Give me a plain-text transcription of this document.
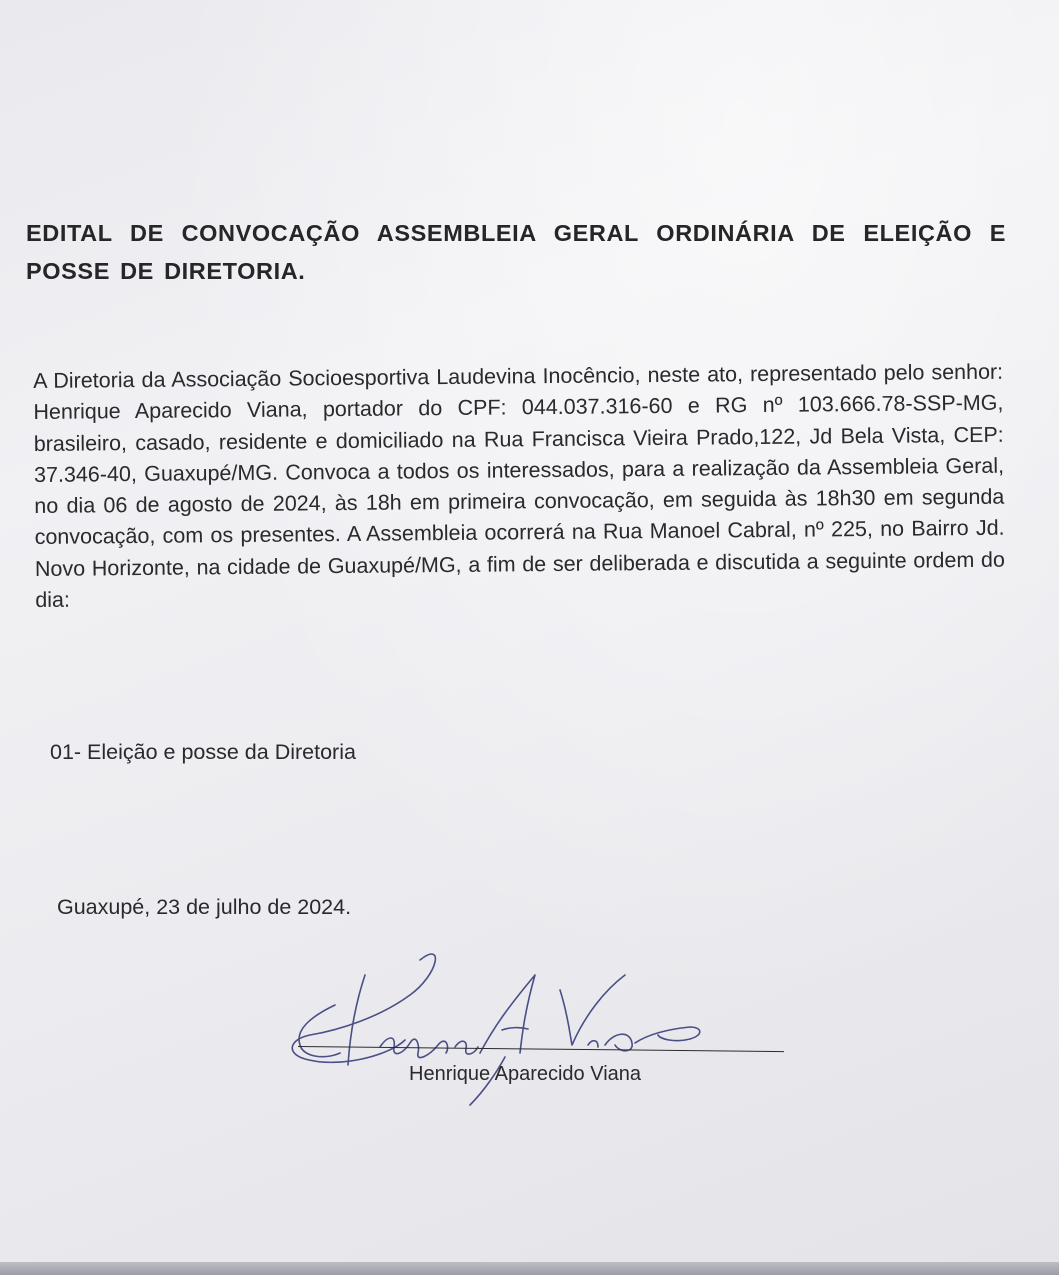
EDITAL DE CONVOCAÇÃO ASSEMBLEIA GERAL ORDINÁRIA DE ELEIÇÃO E POSSE DE DIRETORIA.

A Diretoria da Associação Socioesportiva Laudevina Inocêncio, neste ato, representado pelo senhor: Henrique Aparecido Viana, portador do CPF: 044.037.316-60 e RG nº 103.666.78-SSP-MG, brasileiro, casado, residente e domiciliado na Rua Francisca Vieira Prado,122, Jd Bela Vista, CEP: 37.346-40, Guaxupé/MG. Convoca a todos os interessados, para a realização da Assembleia Geral, no dia 06 de agosto de 2024, às 18h em primeira convocação, em seguida às 18h30 em segunda convocação, com os presentes. A Assembleia ocorrerá na Rua Manoel Cabral, nº 225, no Bairro Jd. Novo Horizonte, na cidade de Guaxupé/MG, a fim de ser deliberada e discutida a seguinte ordem do dia:

01- Eleição e posse da Diretoria

Guaxupé, 23 de julho de 2024.

Henrique Aparecido Viana
